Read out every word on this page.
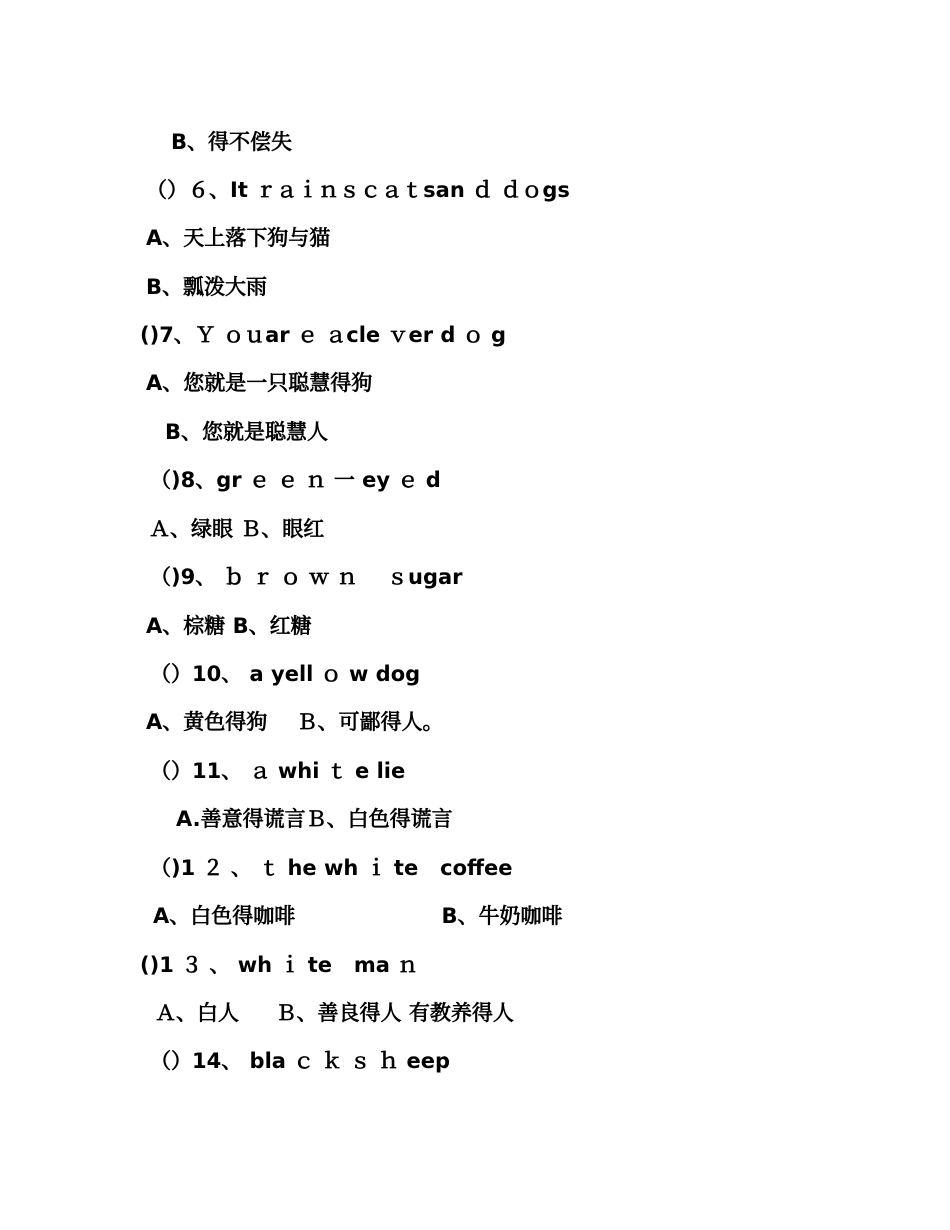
B、得不偿失
（）６、It ｒａｉｎｓｃａｔsan ｄ ｄｏgs
A、天上落下狗与猫
B、瓢泼大雨
()7、Ｙ ｏｕar ｅ ａcle ｖer d ｏ g
A、您就是一只聪慧得狗
B、您就是聪慧人
（)8、gr ｅ ｅ ｎ 一 ey ｅ d
Ａ、绿眼 Ｂ、眼红
（)9、 ｂ ｒ ｏ ｗ ｎ    ｓugar
A、棕糖 B、红糖
（）10、 a yell ｏ w dog
A、黄色得狗    Ｂ、可鄙得人。
（）11、 ａ whi ｔ e lie
A.善意得谎言Ｂ、白色得谎言
（)1 ２ 、 ｔ he wh ｉ te   coffee
A、白色得咖啡                    B、牛奶咖啡
()1 ３ 、 wh ｉ te   ma ｎ
Ａ、白人     Ｂ、善良得人 有教养得人
（）14、 bla ｃ ｋ ｓ ｈ eep
